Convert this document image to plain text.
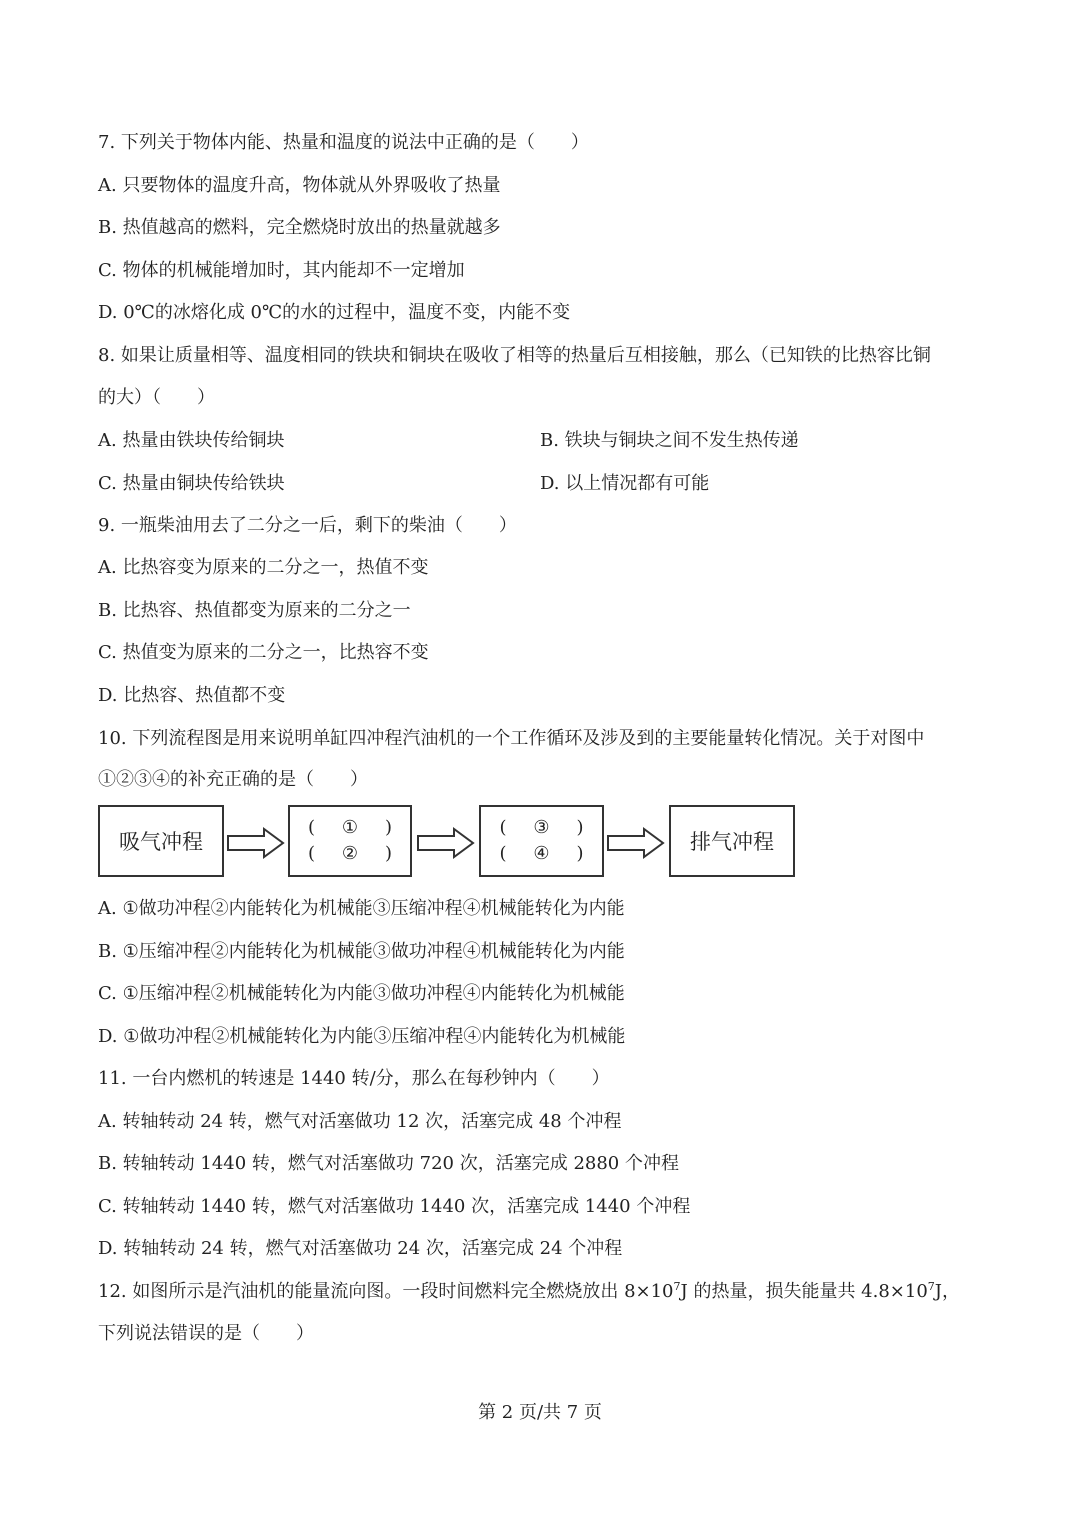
7. 下列关于物体内能、热量和温度的说法中正确的是（　　）
A. 只要物体的温度升高，物体就从外界吸收了热量
B. 热值越高的燃料，完全燃烧时放出的热量就越多
C. 物体的机械能增加时，其内能却不一定增加
D. 0℃的冰熔化成 0℃的水的过程中，温度不变，内能不变
8. 如果让质量相等、温度相同的铁块和铜块在吸收了相等的热量后互相接触，那么（已知铁的比热容比铜
的大）（　　）
A. 热量由铁块传给铜块	B. 铁块与铜块之间不发生热传递
C. 热量由铜块传给铁块	D. 以上情况都有可能
9. 一瓶柴油用去了二分之一后，剩下的柴油（　　）
A. 比热容变为原来的二分之一，热值不变
B. 比热容、热值都变为原来的二分之一
C. 热值变为原来的二分之一，比热容不变
D. 比热容、热值都不变
10. 下列流程图是用来说明单缸四冲程汽油机的一个工作循环及涉及到的主要能量转化情况。关于对图中
①②③④的补充正确的是（　　）
吸气冲程
( ① )
( ② )
( ③ )
( ④ )	排气冲程
A. ①做功冲程②内能转化为机械能③压缩冲程④机械能转化为内能
B. ①压缩冲程②内能转化为机械能③做功冲程④机械能转化为内能
C. ①压缩冲程②机械能转化为内能③做功冲程④内能转化为机械能
D. ①做功冲程②机械能转化为内能③压缩冲程④内能转化为机械能
11. 一台内燃机的转速是 1440 转/分，那么在每秒钟内（　　）
A. 转轴转动 24 转，燃气对活塞做功 12 次，活塞完成 48 个冲程
B. 转轴转动 1440 转，燃气对活塞做功 720 次，活塞完成 2880 个冲程
C. 转轴转动 1440 转，燃气对活塞做功 1440 次，活塞完成 1440 个冲程
D. 转轴转动 24 转，燃气对活塞做功 24 次，活塞完成 24 个冲程
12. 如图所示是汽油机的能量流向图。一段时间燃料完全燃烧放出 $8\times 10^7J$ 的热量，损失能量共 $4.8\times 10^7J$，
下列说法错误的是（　　）
第 2 页/共 7 页
